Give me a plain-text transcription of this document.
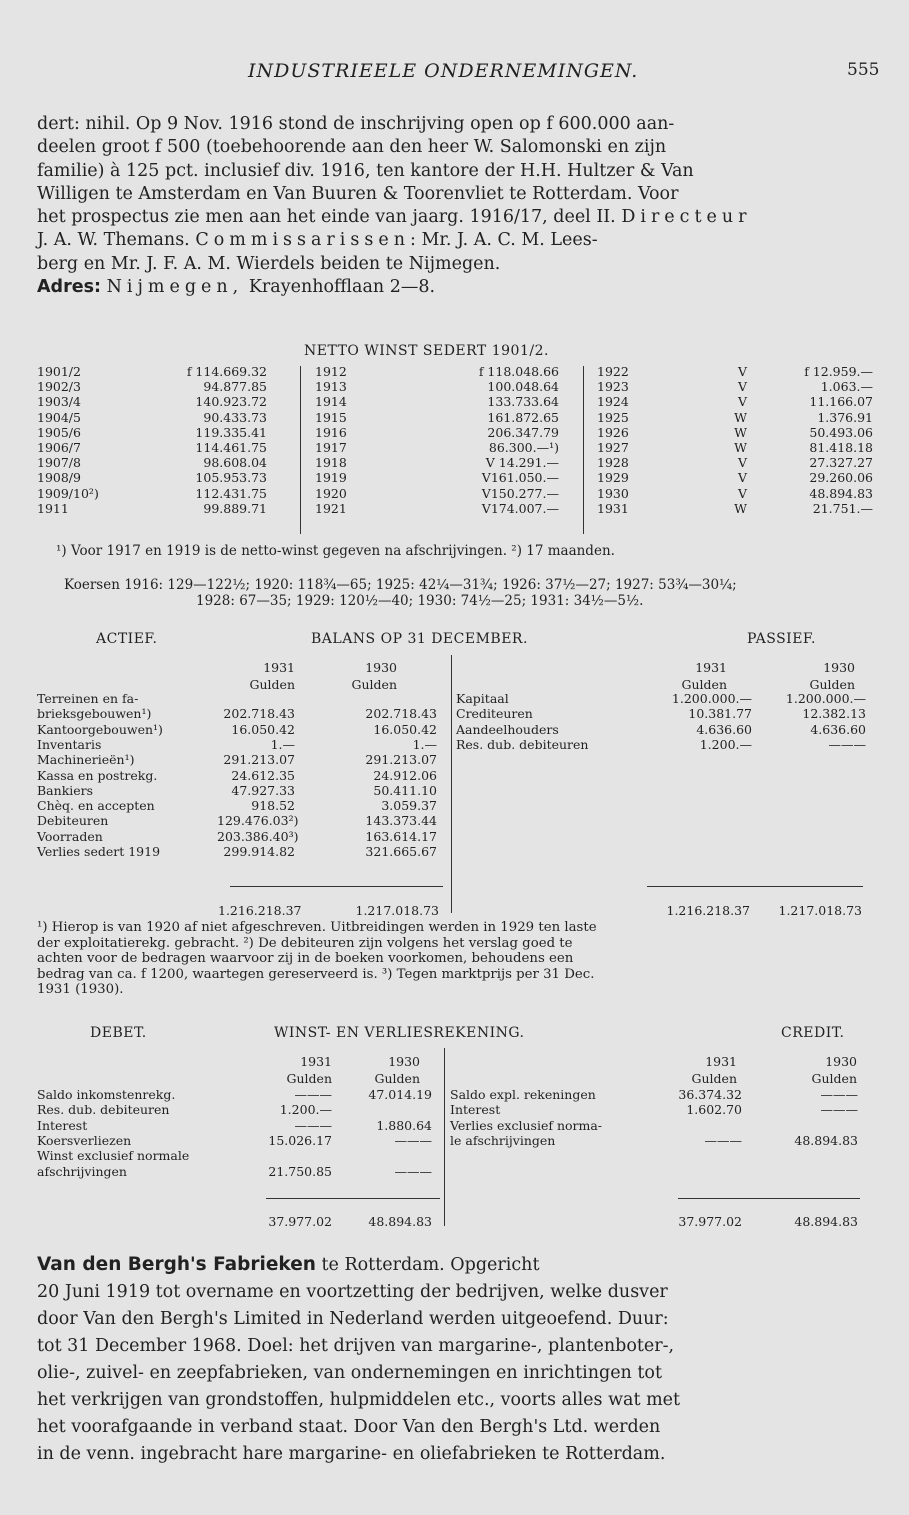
INDUSTRIEELE ONDERNEMINGEN.	555
dert: nihil. Op 9 Nov. 1916 stond de inschrijving open op f 600.000 aan-
deelen groot f 500 (toebehoorende aan den heer W. Salomonski en zijn
familie) à 125 pct. inclusief div. 1916, ten kantore der H.H. Hultzer & Van
Willigen te Amsterdam en Van Buuren & Toorenvliet te Rotterdam. Voor
het prospectus zie men aan het einde van jaarg. 1916/17, deel II. Directeur
J. A. W. Themans. Commissarissen: Mr. J. A. C. M. Lees-
berg en Mr. J. F. A. M. Wierdels beiden te Nijmegen.
Adres: Nijmegen, Krayenhofflaan 2—8.
NETTO WINST SEDERT 1901/2.
1901/2	f 114.669.32
1902/3	94.877.85
1903/4	140.923.72
1904/5	90.433.73
1905/6	119.335.41
1906/7	114.461.75
1907/8	98.608.04
1908/9	105.953.73
1909/10²)	112.431.75
1911	99.889.71
1912	f 118.048.66
1913	100.048.64
1914	133.733.64
1915	161.872.65
1916	206.347.79
1917	86.300.—¹)
1918	V 14.291.—
1919	V161.050.—
1920	V150.277.—
1921	V174.007.—
1922	V	f 12.959.—
1923	V	1.063.—
1924	V	11.166.07
1925	W	1.376.91
1926	W	50.493.06
1927	W	81.418.18
1928	V	27.327.27
1929	V	29.260.06
1930	V	48.894.83
1931	W	21.751.—
¹) Voor 1917 en 1919 is de netto-winst gegeven na afschrijvingen. ²) 17 maanden.
Koersen 1916: 129—122½; 1920: 118¾—65; 1925: 42¼—31¾; 1926: 37½—27; 1927: 53¾—30¼;
1928: 67—35; 1929: 120½—40; 1930: 74½—25; 1931: 34½—5½.
ACTIEF.	BALANS OP 31 DECEMBER.	PASSIEF.
1931
Gulden
1930
Gulden
1931
Gulden
1930
Gulden
Terreinen en fa-
brieksgebouwen¹)	202.718.43	202.718.43
Kantoorgebouwen¹)	16.050.42	16.050.42
Inventaris	1.—	1.—
Machinerieën¹)	291.213.07	291.213.07
Kassa en postrekg.	24.612.35	24.912.06
Bankiers	47.927.33	50.411.10
Chèq. en accepten	918.52	3.059.37
Debiteuren	129.476.03²)	143.373.44
Voorraden	203.386.40³)	163.614.17
Verlies sedert 1919	299.914.82	321.665.67
Kapitaal	1.200.000.—	1.200.000.—
Crediteuren	10.381.77	12.382.13
Aandeelhouders	4.636.60	4.636.60
Res. dub. debiteuren	1.200.—	———
1.216.218.37	1.217.018.73	1.216.218.37	1.217.018.73
¹) Hierop is van 1920 af niet afgeschreven. Uitbreidingen werden in 1929 ten laste
der exploitatierekg. gebracht. ²) De debiteuren zijn volgens het verslag goed te
achten voor de bedragen waarvoor zij in de boeken voorkomen, behoudens een
bedrag van ca. f 1200, waartegen gereserveerd is. ³) Tegen marktprijs per 31 Dec.
1931 (1930).
DEBET.	WINST- EN VERLIESREKENING.	CREDIT.
1931
Gulden
1930
Gulden
1931
Gulden
1930
Gulden
Saldo inkomstenrekg.	———	47.014.19
Res. dub. debiteuren	1.200.—
Interest	———	1.880.64
Koersverliezen	15.026.17	———
Winst exclusief normale
afschrijvingen	21.750.85	———
Saldo expl. rekeningen	36.374.32	———
Interest	1.602.70	———
Verlies exclusief norma-
le afschrijvingen	———	48.894.83
37.977.02	48.894.83	37.977.02	48.894.83
Van den Bergh's Fabrieken te Rotterdam. Opgericht
20 Juni 1919 tot overname en voortzetting der bedrijven, welke dusver
door Van den Bergh's Limited in Nederland werden uitgeoefend. Duur:
tot 31 December 1968. Doel: het drijven van margarine-, plantenboter-,
olie-, zuivel- en zeepfabrieken, van ondernemingen en inrichtingen tot
het verkrijgen van grondstoffen, hulpmiddelen etc., voorts alles wat met
het voorafgaande in verband staat. Door Van den Bergh's Ltd. werden
in de venn. ingebracht hare margarine- en oliefabrieken te Rotterdam.
